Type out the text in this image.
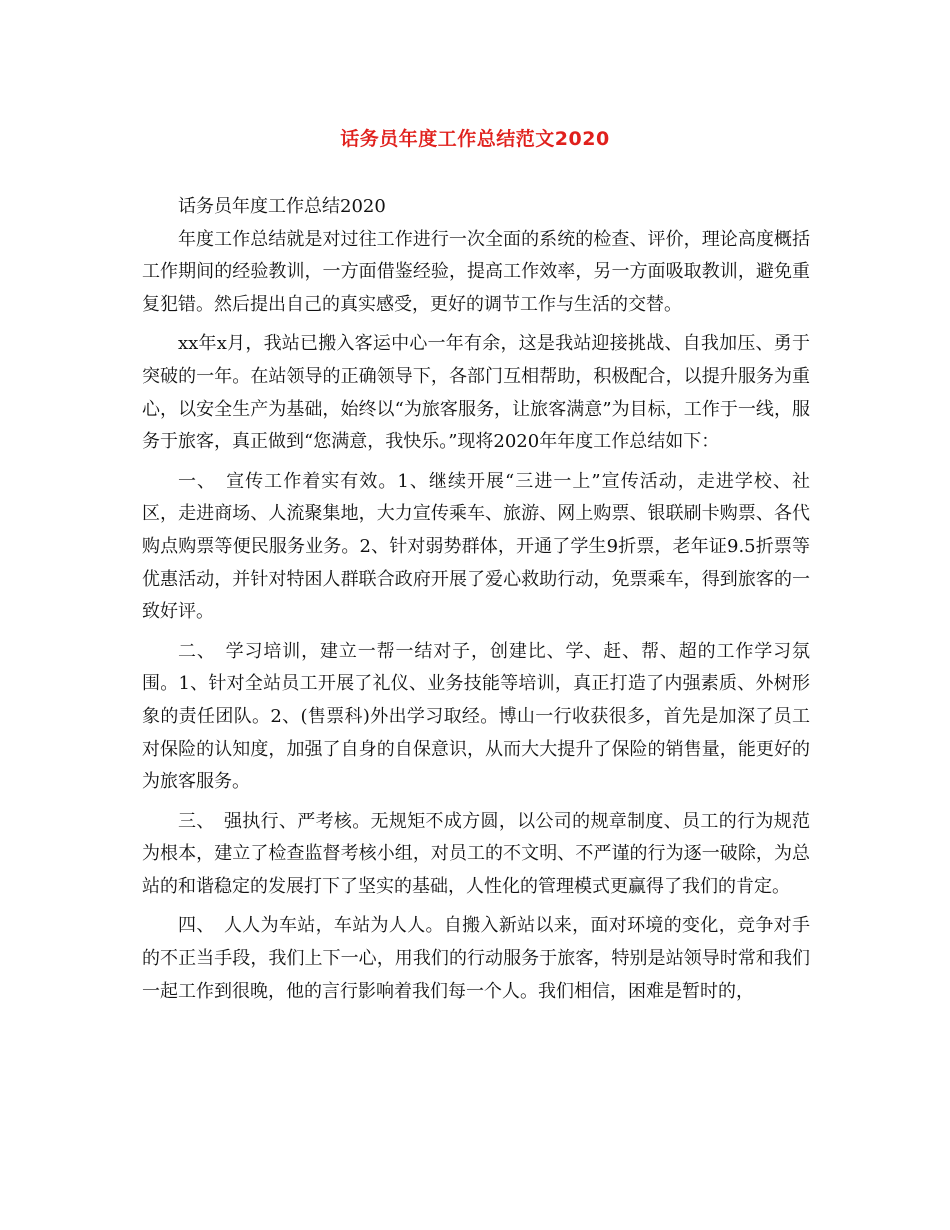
话务员年度工作总结范文2020

话务员年度工作总结2020

年度工作总结就是对过往工作进行一次全面的系统的检查、评价，理论高度概括工作期间的经验教训，一方面借鉴经验，提高工作效率，另一方面吸取教训，避免重复犯错。然后提出自己的真实感受，更好的调节工作与生活的交替。

xx年x月，我站已搬入客运中心一年有余，这是我站迎接挑战、自我加压、勇于突破的一年。在站领导的正确领导下，各部门互相帮助，积极配合，以提升服务为重心，以安全生产为基础，始终以“为旅客服务，让旅客满意”为目标，工作于一线，服务于旅客，真正做到“您满意，我快乐。”现将2020年年度工作总结如下：

一、　宣传工作着实有效。1、继续开展“三进一上”宣传活动，走进学校、社区，走进商场、人流聚集地，大力宣传乘车、旅游、网上购票、银联刷卡购票、各代购点购票等便民服务业务。2、针对弱势群体，开通了学生9折票，老年证9.5折票等优惠活动，并针对特困人群联合政府开展了爱心救助行动，免票乘车，得到旅客的一致好评。

二、　学习培训，建立一帮一结对子，创建比、学、赶、帮、超的工作学习氛围。1、针对全站员工开展了礼仪、业务技能等培训，真正打造了内强素质、外树形象的责任团队。2、(售票科)外出学习取经。博山一行收获很多，首先是加深了员工对保险的认知度，加强了自身的自保意识，从而大大提升了保险的销售量，能更好的为旅客服务。

三、　强执行、严考核。无规矩不成方圆，以公司的规章制度、员工的行为规范为根本，建立了检查监督考核小组，对员工的不文明、不严谨的行为逐一破除，为总站的和谐稳定的发展打下了坚实的基础，人性化的管理模式更赢得了我们的肯定。

四、　人人为车站，车站为人人。自搬入新站以来，面对环境的变化，竞争对手的不正当手段，我们上下一心，用我们的行动服务于旅客，特别是站领导时常和我们一起工作到很晚，他的言行影响着我们每一个人。我们相信，困难是暂时的，
